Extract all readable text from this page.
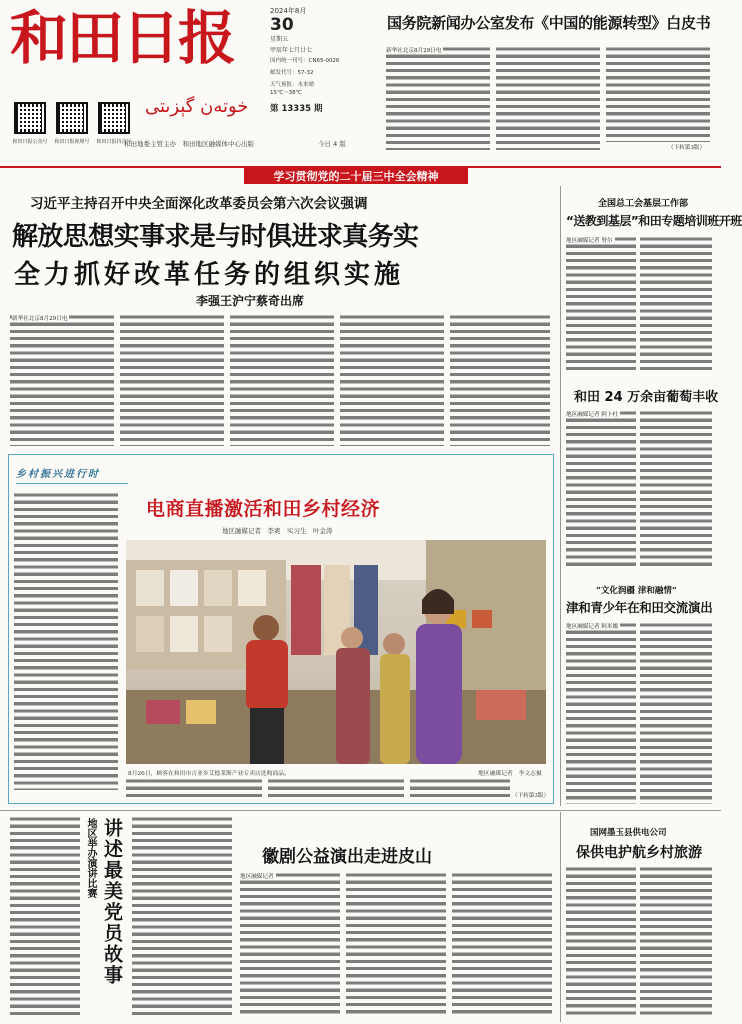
和田日报
خوتەن گېزىتى
和田日报公众号	和田日报视频号	和田日报抖音号
2024年8月
30
星期五
甲辰年七月廿七
国内统一刊号：CN65-0026
邮发代号：57-32
天气预报：未来晴　　15℃～38℃
第 13335 期
和田地委主管主办　和田地区融媒体中心出版	今日 4 版
国务院新闻办公室发布《中国的能源转型》白皮书
新华社北京8月29日电
（下转第3版）
学习贯彻党的二十届三中全会精神
习近平主持召开中央全面深化改革委员会第六次会议强调
解放思想实事求是与时俱进求真务实
全力抓好改革任务的组织实施
李强王沪宁蔡奇出席
新华社北京8月29日电
乡村振兴进行时
电商直播激活和田乡村经济
地区融媒记者　李爽　实习生　叶金涛
8月26日，顾客在和田市吉亚乡艾德莱斯产业专卖店选购商品。	地区融媒记者　李文志摄
（下转第3版）
全国总工会基层工作部
“送教到基层”和田专题培训班开班
地区融媒记者 努尔
和田 24 万余亩葡萄丰收
地区融媒记者 阿卜杜
“文化润疆 津和融情”
津和青少年在和田交流演出
地区融媒记者 阿米娜
地区举办演讲比赛 讲述最美党员故事	徽剧公益演出走进皮山
地区融媒记者
国网墨玉县供电公司
保供电护航乡村旅游
